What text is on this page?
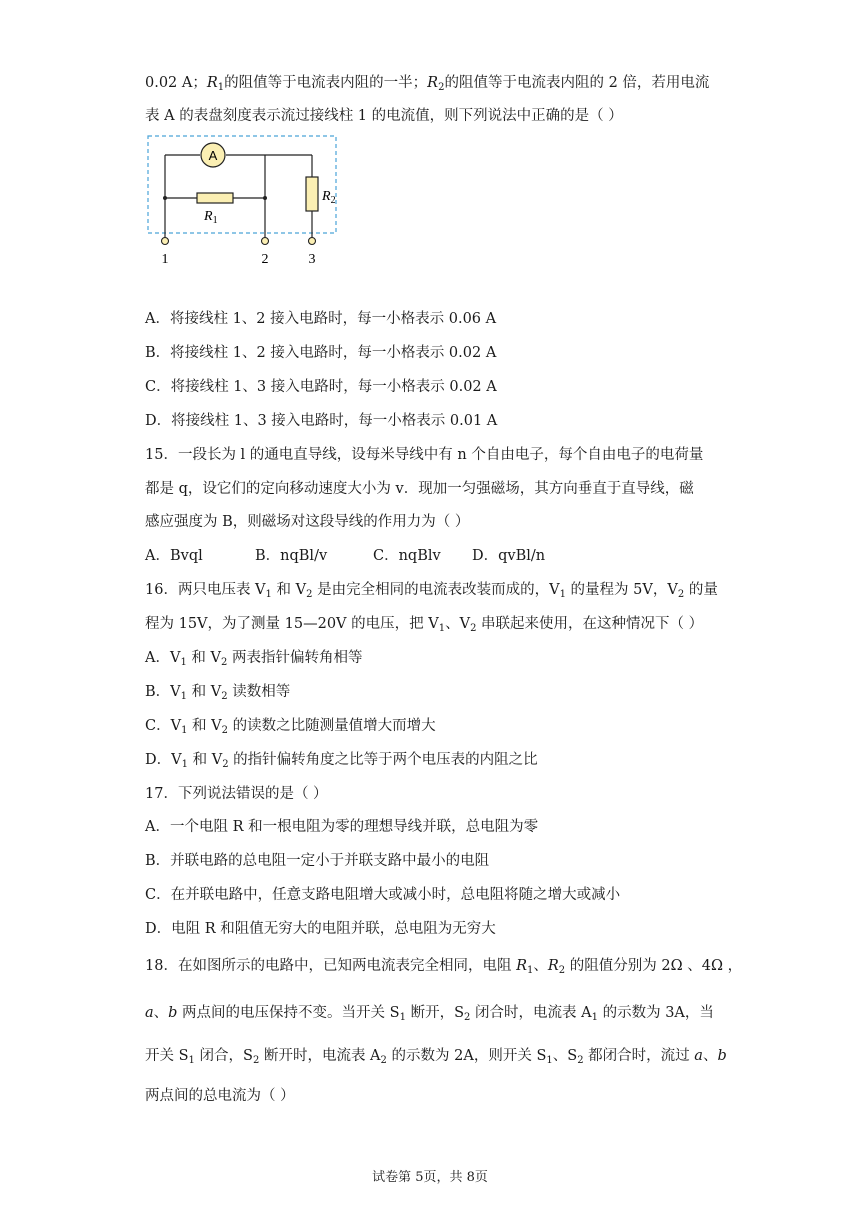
0.02 A；$R_1$的阻值等于电流表内阻的一半；$R_2$的阻值等于电流表内阻的 2 倍，若用电流
表 A 的表盘刻度表示流过接线柱 1 的电流值，则下列说法中正确的是（ ）
A
$R_2$
$R_1$
1	2	3
A．将接线柱 1、2 接入电路时，每一小格表示 0.06 A
B．将接线柱 1、2 接入电路时，每一小格表示 0.02 A
C．将接线柱 1、3 接入电路时，每一小格表示 0.02 A
D．将接线柱 1、3 接入电路时，每一小格表示 0.01 A
15．一段长为 l 的通电直导线，设每米导线中有 n 个自由电子，每个自由电子的电荷量
都是 q，设它们的定向移动速度大小为 v．现加一匀强磁场，其方向垂直于直导线，磁
感应强度为 B，则磁场对这段导线的作用力为（ ）
A．Bvql	B．nqBl/v	C．nqBlv D．qvBl/n
16．两只电压表 $V_1$ 和 $V_2$ 是由完全相同的电流表改装而成的，$V_1$ 的量程为 5V，$V_2$ 的量
程为 15V，为了测量 15—20V 的电压，把 $V_1$、$V_2$ 串联起来使用，在这种情况下（ ）
A．$V_1$ 和 $V_2$ 两表指针偏转角相等
B．$V_1$ 和 $V_2$ 读数相等
C．$V_1$ 和 $V_2$ 的读数之比随测量值增大而增大
D．$V_1$ 和 $V_2$ 的指针偏转角度之比等于两个电压表的内阻之比
17．下列说法错误的是（ ）
A．一个电阻 R 和一根电阻为零的理想导线并联，总电阻为零
B．并联电路的总电阻一定小于并联支路中最小的电阻
C．在并联电路中，任意支路电阻增大或减小时，总电阻将随之增大或减小
D．电阻 R 和阻值无穷大的电阻并联，总电阻为无穷大
18．在如图所示的电路中，已知两电流表完全相同，电阻 $R_1$、$R_2$ 的阻值分别为 2Ω 、4Ω ，
a、b 两点间的电压保持不变。当开关 $S_1$ 断开，$S_2$ 闭合时，电流表 $A_1$ 的示数为 3A，当
开关 $S_1$ 闭合，$S_2$ 断开时，电流表 $A_2$ 的示数为 2A，则开关 $S_1$、$S_2$ 都闭合时，流过 a、b
两点间的总电流为（ ）
试卷第 5页，共 8页
